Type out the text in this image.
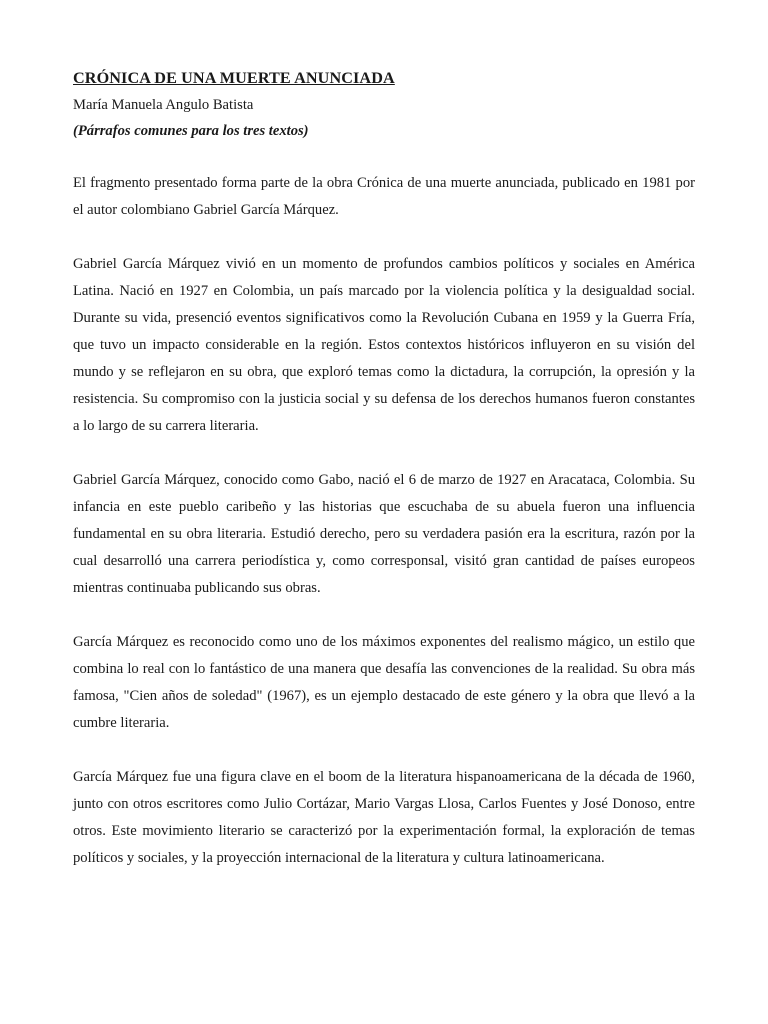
CRÓNICA DE UNA MUERTE ANUNCIADA

María Manuela Angulo Batista

(Párrafos comunes para los tres textos)

El fragmento presentado forma parte de la obra Crónica de una muerte anunciada, publicado en 1981 por el autor colombiano Gabriel García Márquez.

Gabriel García Márquez vivió en un momento de profundos cambios políticos y sociales en América Latina. Nació en 1927 en Colombia, un país marcado por la violencia política y la desigualdad social. Durante su vida, presenció eventos significativos como la Revolución Cubana en 1959 y la Guerra Fría, que tuvo un impacto considerable en la región. Estos contextos históricos influyeron en su visión del mundo y se reflejaron en su obra, que exploró temas como la dictadura, la corrupción, la opresión y la resistencia. Su compromiso con la justicia social y su defensa de los derechos humanos fueron constantes a lo largo de su carrera literaria.

Gabriel García Márquez, conocido como Gabo, nació el 6 de marzo de 1927 en Aracataca, Colombia. Su infancia en este pueblo caribeño y las historias que escuchaba de su abuela fueron una influencia fundamental en su obra literaria. Estudió derecho, pero su verdadera pasión era la escritura, razón por la cual desarrolló una carrera periodística y, como corresponsal, visitó gran cantidad de países europeos mientras continuaba publicando sus obras.

García Márquez es reconocido como uno de los máximos exponentes del realismo mágico, un estilo que combina lo real con lo fantástico de una manera que desafía las convenciones de la realidad. Su obra más famosa, "Cien años de soledad" (1967), es un ejemplo destacado de este género y la obra que llevó a la cumbre literaria.

García Márquez fue una figura clave en el boom de la literatura hispanoamericana de la década de 1960, junto con otros escritores como Julio Cortázar, Mario Vargas Llosa, Carlos Fuentes y José Donoso, entre otros. Este movimiento literario se caracterizó por la experimentación formal, la exploración de temas políticos y sociales, y la proyección internacional de la literatura y cultura latinoamericana.
